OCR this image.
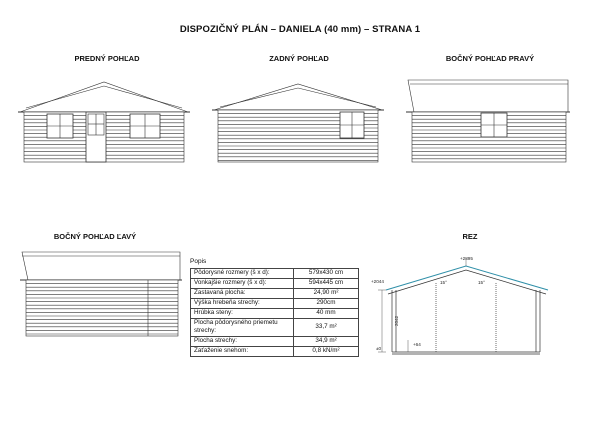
DISPOZIČNÝ PLÁN – DANIELA (40 mm) – STRANA 1
PREDNÝ POHĽAD	ZADNÝ POHĽAD	BOČNÝ POHĽAD PRAVÝ
BOČNÝ POHĽAD ĽAVÝ	REZ
+2895
+2044
2042
+64
±0
15°	15°
Popis
Pôdorysné rozmery (š x d):	579x430 cm
Vonkajšie rozmery (š x d):	594x445 cm
Zastavaná plocha:	24,90 m²
Výška hrebeňa strechy:	290cm
Hrúbka steny:	40 mm
Plocha pôdorysného priemetu strechy:	33,7 m²
Plocha strechy:	34,9 m²
Zaťaženie snehom:	0,8 kN/m²
